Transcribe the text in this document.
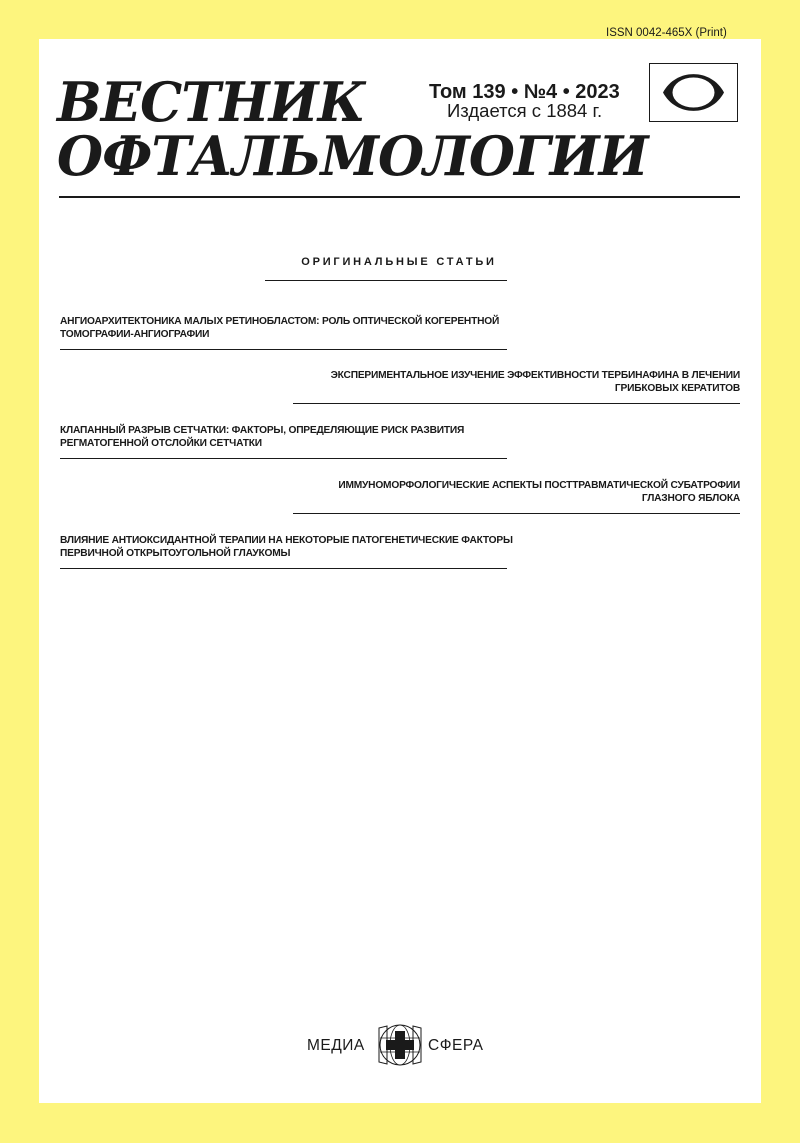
ISSN 0042-465X (Print)
ВЕСТНИК
ОФТАЛЬМОЛОГИИ
Том 139 • №4 • 2023
Издается с 1884 г.
ОРИГИНАЛЬНЫЕ СТАТЬИ
АНГИОАРХИТЕКТОНИКА МАЛЫХ РЕТИНОБЛАСТОМ: РОЛЬ ОПТИЧЕСКОЙ КОГЕРЕНТНОЙ
ТОМОГРАФИИ-АНГИОГРАФИИ
ЭКСПЕРИМЕНТАЛЬНОЕ ИЗУЧЕНИЕ ЭФФЕКТИВНОСТИ ТЕРБИНАФИНА В ЛЕЧЕНИИ
ГРИБКОВЫХ КЕРАТИТОВ
КЛАПАННЫЙ РАЗРЫВ СЕТЧАТКИ: ФАКТОРЫ, ОПРЕДЕЛЯЮЩИЕ РИСК РАЗВИТИЯ
РЕГМАТОГЕННОЙ ОТСЛОЙКИ СЕТЧАТКИ
ИММУНОМОРФОЛОГИЧЕСКИЕ АСПЕКТЫ ПОСТТРАВМАТИЧЕСКОЙ СУБАТРОФИИ
ГЛАЗНОГО ЯБЛОКА
ВЛИЯНИЕ АНТИОКСИДАНТНОЙ ТЕРАПИИ НА НЕКОТОРЫЕ ПАТОГЕНЕТИЧЕСКИЕ ФАКТОРЫ
ПЕРВИЧНОЙ ОТКРЫТОУГОЛЬНОЙ ГЛАУКОМЫ
МЕДИА	СФЕРА
